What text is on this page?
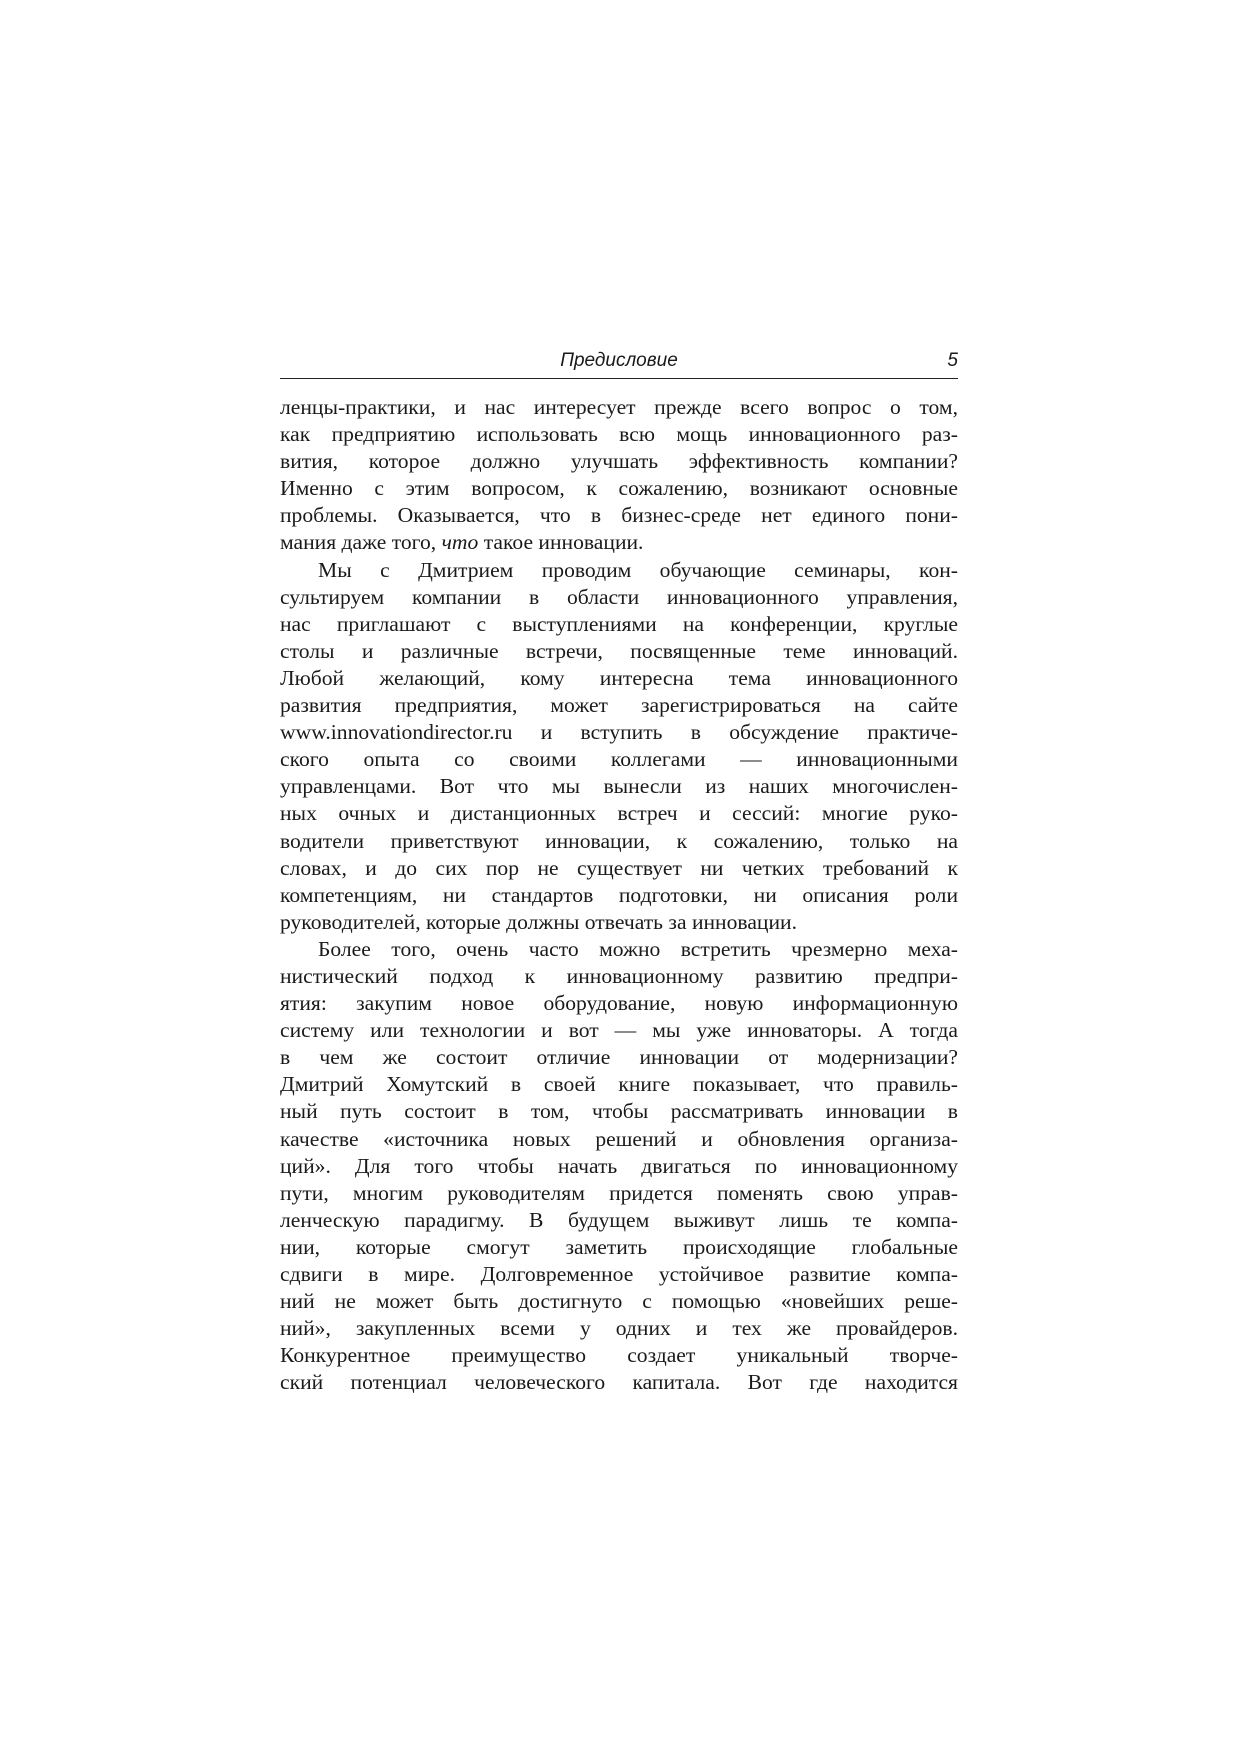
Предисловие	5
ленцы-практики, и нас интересует прежде всего вопрос о том,
как предприятию использовать всю мощь инновационного раз-
вития, которое должно улучшать эффективность компании?
Именно с этим вопросом, к сожалению, возникают основные
проблемы. Оказывается, что в бизнес-среде нет единого пони-
мания даже того, что такое инновации.
Мы с Дмитрием проводим обучающие семинары, кон-
сультируем компании в области инновационного управления,
нас приглашают с выступлениями на конференции, круглые
столы и различные встречи, посвященные теме инноваций.
Любой желающий, кому интересна тема инновационного
развития предприятия, может зарегистрироваться на сайте
www.innovationdirector.ru и вступить в обсуждение практиче-
ского опыта со своими коллегами — инновационными
управленцами. Вот что мы вынесли из наших многочислен-
ных очных и дистанционных встреч и сессий: многие руко-
водители приветствуют инновации, к сожалению, только на
словах, и до сих пор не существует ни четких требований к
компетенциям, ни стандартов подготовки, ни описания роли
руководителей, которые должны отвечать за инновации.
Более того, очень часто можно встретить чрезмерно меха-
нистический подход к инновационному развитию предпри-
ятия: закупим новое оборудование, новую информационную
систему или технологии и вот — мы уже инноваторы. А тогда
в чем же состоит отличие инновации от модернизации?
Дмитрий Хомутский в своей книге показывает, что правиль-
ный путь состоит в том, чтобы рассматривать инновации в
качестве «источника новых решений и обновления организа-
ций». Для того чтобы начать двигаться по инновационному
пути, многим руководителям придется поменять свою управ-
ленческую парадигму. В будущем выживут лишь те компа-
нии, которые смогут заметить происходящие глобальные
сдвиги в мире. Долговременное устойчивое развитие компа-
ний не может быть достигнуто с помощью «новейших реше-
ний», закупленных всеми у одних и тех же провайдеров.
Конкурентное преимущество создает уникальный творче-
ский потенциал человеческого капитала. Вот где находится
